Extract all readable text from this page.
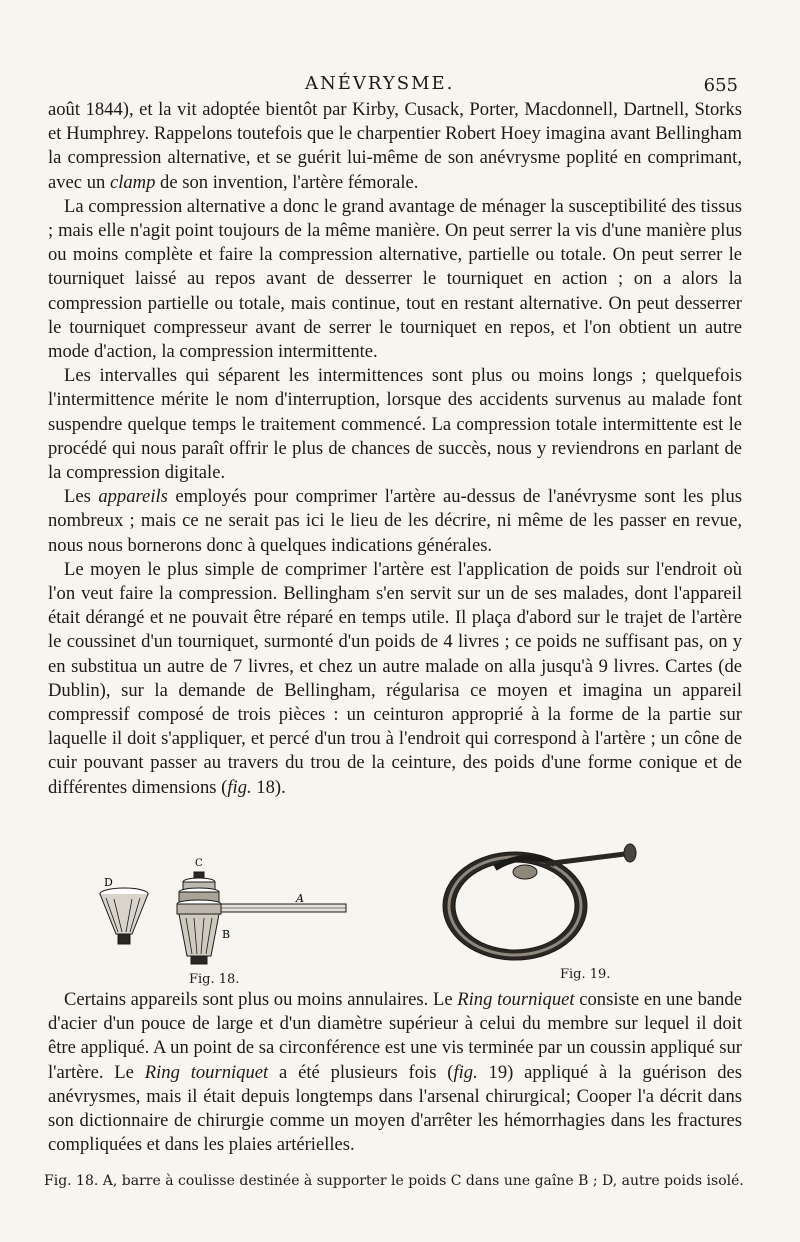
ANÉVRYSME.	655

août 1844), et la vit adoptée bientôt par Kirby, Cusack, Porter, Macdonnell, Dartnell, Storks et Humphrey. Rappelons toutefois que le charpentier Robert Hoey imagina avant Bellingham la compression alternative, et se guérit lui-même de son anévrysme poplité en comprimant, avec un clamp de son invention, l'artère fémorale.

La compression alternative a donc le grand avantage de ménager la susceptibilité des tissus ; mais elle n'agit point toujours de la même manière. On peut serrer la vis d'une manière plus ou moins complète et faire la compression alternative, partielle ou totale. On peut serrer le tourniquet laissé au repos avant de desserrer le tourniquet en action ; on a alors la compression partielle ou totale, mais continue, tout en restant alternative. On peut desserrer le tourniquet compresseur avant de serrer le tourniquet en repos, et l'on obtient un autre mode d'action, la compression intermittente.

Les intervalles qui séparent les intermittences sont plus ou moins longs ; quelquefois l'intermittence mérite le nom d'interruption, lorsque des accidents survenus au malade font suspendre quelque temps le traitement commencé. La compression totale intermittente est le procédé qui nous paraît offrir le plus de chances de succès, nous y reviendrons en parlant de la compression digitale.

Les appareils employés pour comprimer l'artère au-dessus de l'anévrysme sont les plus nombreux ; mais ce ne serait pas ici le lieu de les décrire, ni même de les passer en revue, nous nous bornerons donc à quelques indications générales.

Le moyen le plus simple de comprimer l'artère est l'application de poids sur l'endroit où l'on veut faire la compression. Bellingham s'en servit sur un de ses malades, dont l'appareil était dérangé et ne pouvait être réparé en temps utile. Il plaça d'abord sur le trajet de l'artère le coussinet d'un tourniquet, surmonté d'un poids de 4 livres ; ce poids ne suffisant pas, on y en substitua un autre de 7 livres, et chez un autre malade on alla jusqu'à 9 livres. Cartes (de Dublin), sur la demande de Bellingham, régularisa ce moyen et imagina un appareil compressif composé de trois pièces : un ceinturon approprié à la forme de la partie sur laquelle il doit s'appliquer, et percé d'un trou à l'endroit qui correspond à l'artère ; un cône de cuir pouvant passer au travers du trou de la ceinture, des poids d'une forme conique et de différentes dimensions (fig. 18).

D
C
A
B
Fig. 18.	Fig. 19.

Certains appareils sont plus ou moins annulaires. Le Ring tourniquet consiste en une bande d'acier d'un pouce de large et d'un diamètre supérieur à celui du membre sur lequel il doit être appliqué. A un point de sa circonférence est une vis terminée par un coussin appliqué sur l'artère. Le Ring tourniquet a été plusieurs fois (fig. 19) appliqué à la guérison des anévrysmes, mais il était depuis longtemps dans l'arsenal chirurgical; Cooper l'a décrit dans son dictionnaire de chirurgie comme un moyen d'arrêter les hémorrhagies dans les fractures compliquées et dans les plaies artérielles.

Fig. 18. A, barre à coulisse destinée à supporter le poids C dans une gaîne B ; D, autre poids isolé.
